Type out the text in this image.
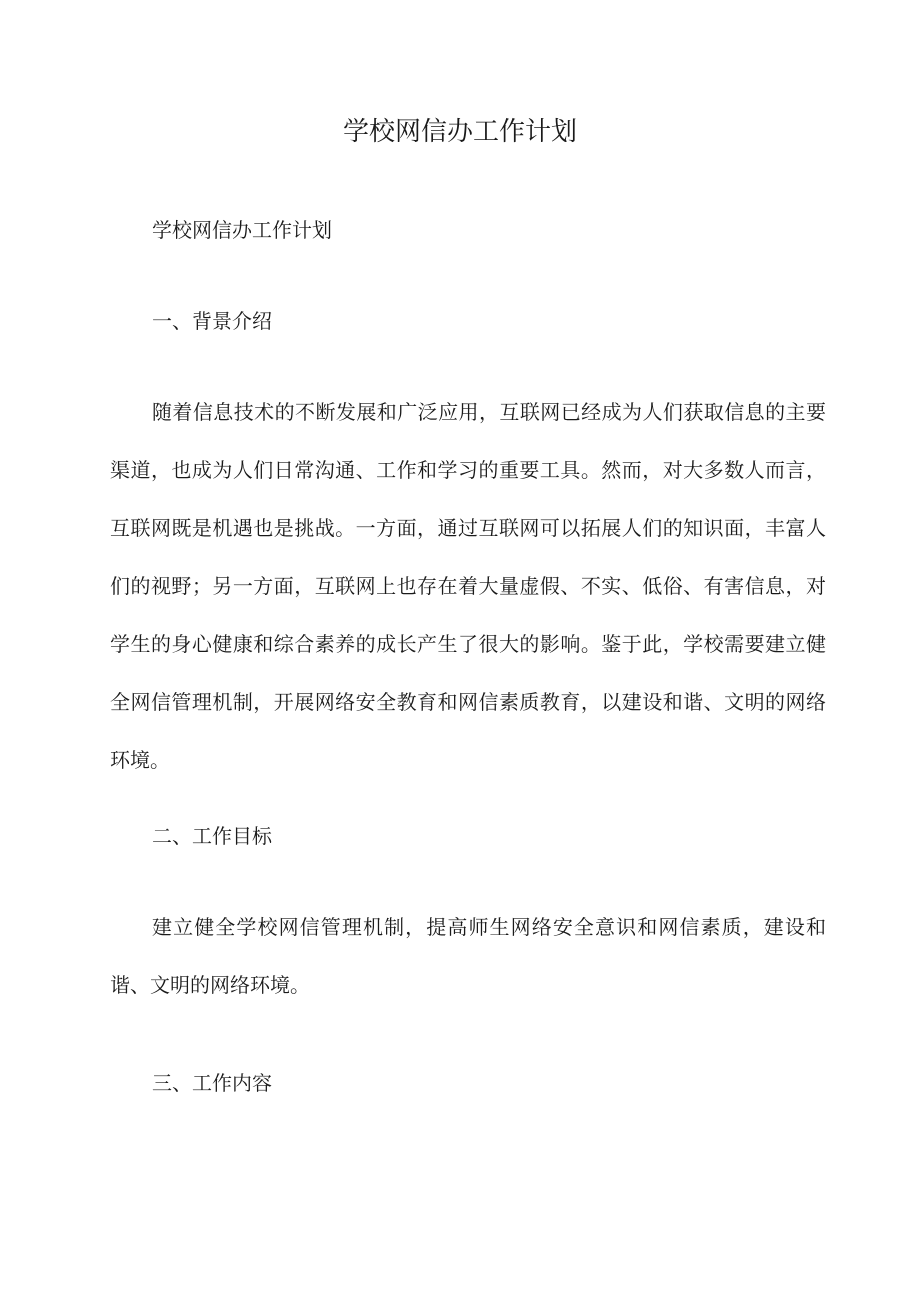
学校网信办工作计划

学校网信办工作计划

一、背景介绍

随着信息技术的不断发展和广泛应用，互联网已经成为人们获取信息的主要渠道，也成为人们日常沟通、工作和学习的重要工具。然而，对大多数人而言，互联网既是机遇也是挑战。一方面，通过互联网可以拓展人们的知识面，丰富人们的视野；另一方面，互联网上也存在着大量虚假、不实、低俗、有害信息，对学生的身心健康和综合素养的成长产生了很大的影响。鉴于此，学校需要建立健全网信管理机制，开展网络安全教育和网信素质教育，以建设和谐、文明的网络环境。

二、工作目标

建立健全学校网信管理机制，提高师生网络安全意识和网信素质，建设和谐、文明的网络环境。

三、工作内容
